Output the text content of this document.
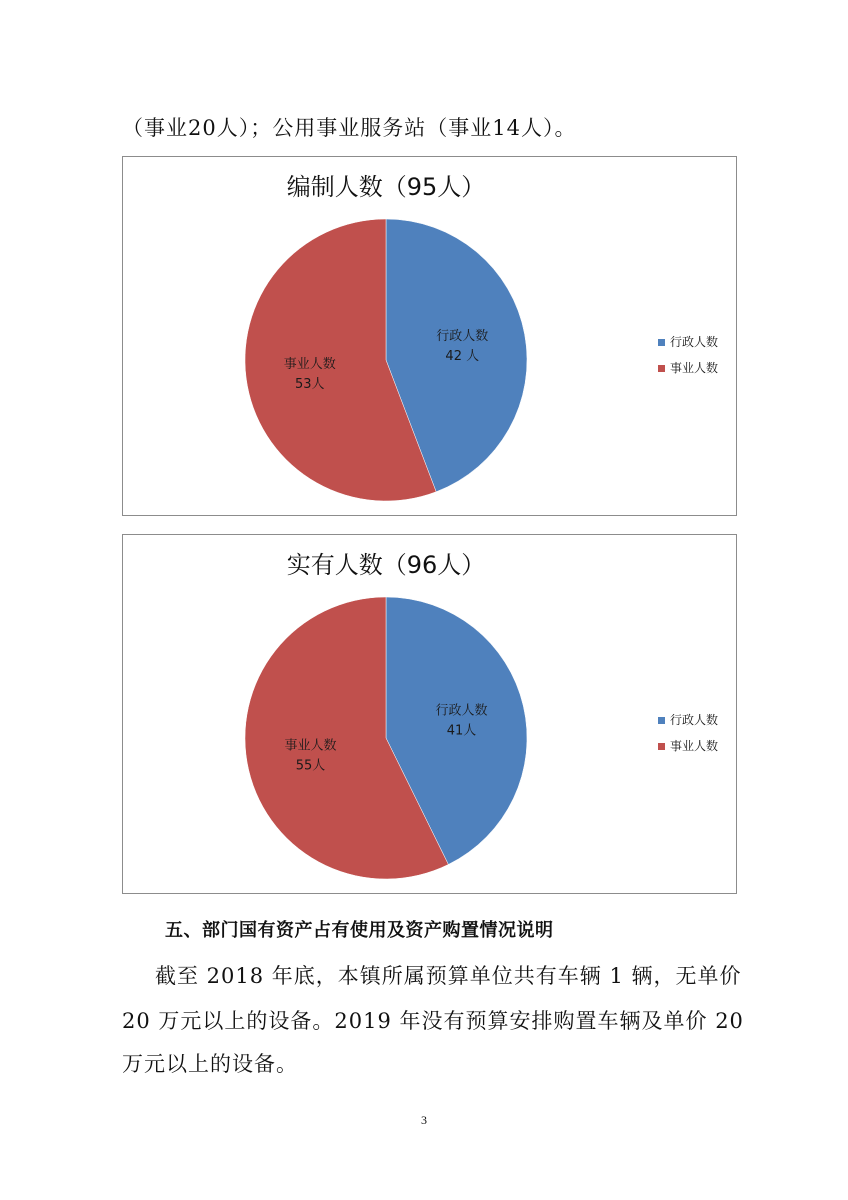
（事业20人）；公用事业服务站（事业14人）。
编制人数（95人）
行政人数
42 人
事业人数
53人
行政人数
事业人数
实有人数（96人）
行政人数
41人
事业人数
55人
行政人数
事业人数
五、部门国有资产占有使用及资产购置情况说明
截至 2018 年底，本镇所属预算单位共有车辆 1 辆，无单价
20 万元以上的设备。2019 年没有预算安排购置车辆及单价 20
万元以上的设备。
3
